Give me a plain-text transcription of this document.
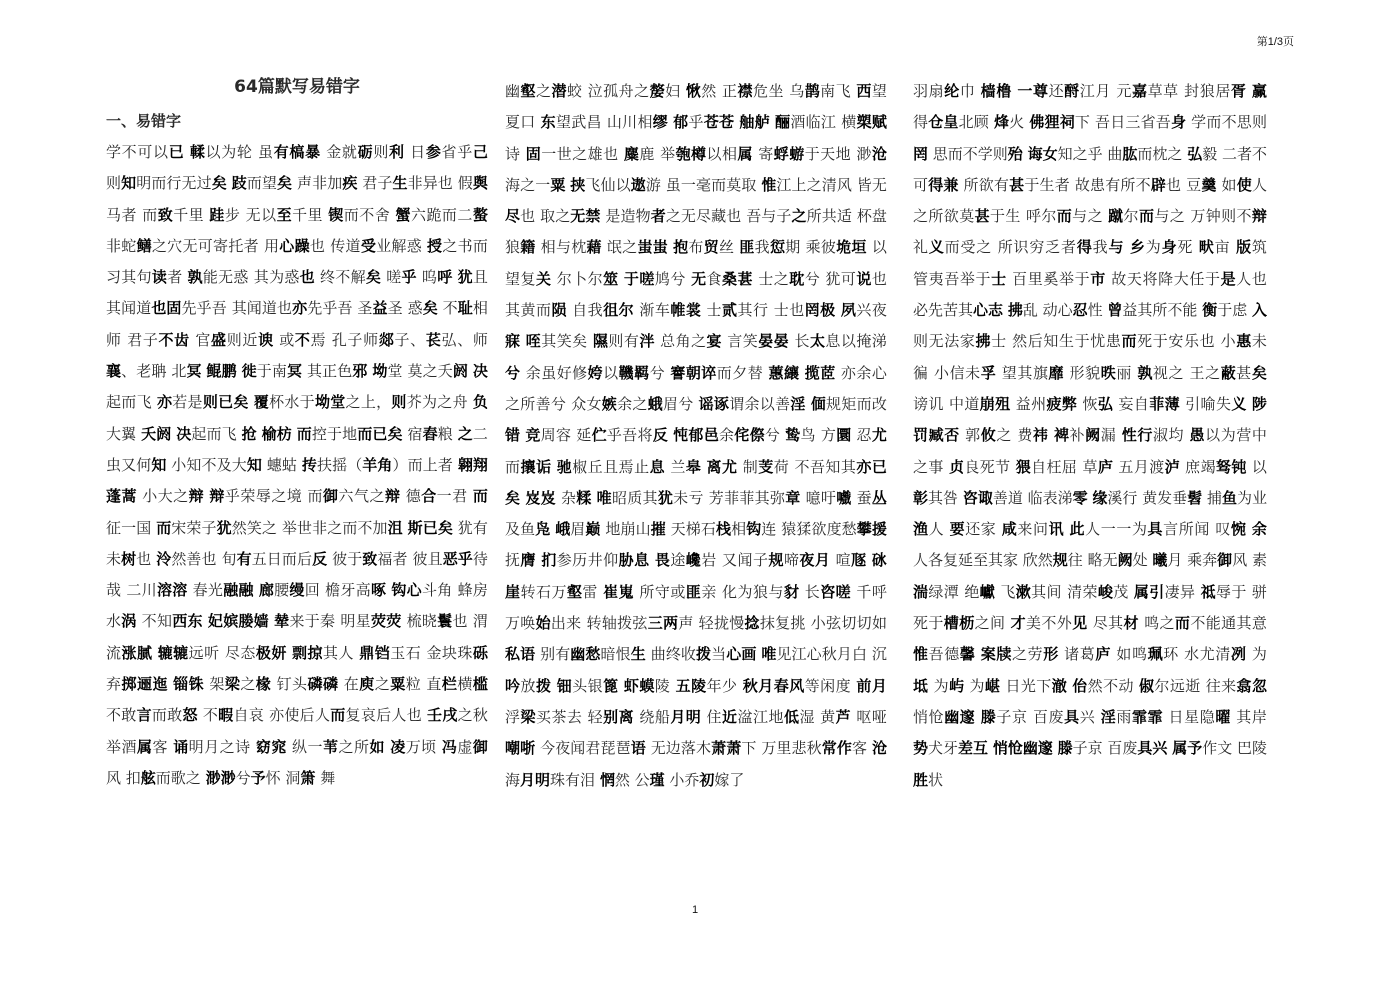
第1/3页
64篇默写易错字
一、易错字

学不可以已 輮以为轮 虽有槁暴 金就砺则利 日参省乎己 则知明而行无过矣 跂而望矣 声非加疾 君子生非异也 假舆马者 而致千里 跬步 无以至千里 锲而不舍 蟹六跪而二螯非蛇鳝之穴无可寄托者 用心躁也 传道受业解惑 授之书而习其句读者 孰能无惑 其为惑也 终不解矣 嗟乎 呜呼 犹且 其闻道也固先乎吾 其闻道也亦先乎吾 圣益圣 惑矣 不耻相师 君子不齿 官盛则近谀 或不焉 孔子师郯子、苌弘、师襄、老聃 北冥 鲲鹏 徙于南冥 其正色邪 坳堂 莫之夭阏 决起而飞 亦若是则已矣 覆杯水于坳堂之上，则芥为之舟 负大翼 夭阏 决起而飞 抢 榆枋 而控于地而已矣 宿舂粮 之二虫又何知 小知不及大知 蟪蛄 抟扶摇（羊角）而上者 翱翔蓬蒿 小大之辩 辩乎荣辱之境 而御六气之辩 德合一君 而征一国 而宋荣子犹然笑之 举世非之而不加沮 斯已矣 犹有未树也 泠然善也 旬有五日而后反 彼于致福者 彼且恶乎待哉 二川溶溶 春光融融 廊腰缦回 檐牙高啄 钩心斗角 蜂房水涡 不知西东 妃嫔媵嫱 辇来于秦 明星荧荧 梳晓鬟也 渭流涨腻 辘辘远听 尽态极妍 剽掠其人 鼎铛玉石 金块珠砾 弃掷逦迤 锱铢 架梁之椽 钉头磷磷 在庾之粟粒 直栏横槛 不敢言而敢怒 不暇自哀 亦使后人而复哀后人也 壬戌之秋 举酒属客 诵明月之诗 窈窕 纵一苇之所如 凌万顷 冯虚御风 扣舷而歌之 渺渺兮予怀 洞箫 舞

幽壑之潜蛟 泣孤舟之嫠妇 愀然 正襟危坐 乌鹊南飞 西望夏口 东望武昌 山川相缪 郁乎苍苍 舳舻 酾酒临江 横槊赋诗 固一世之雄也 麋鹿 举匏樽以相属 寄蜉蝣于天地 渺沧海之一粟 挟飞仙以遨游 虽一毫而莫取 惟江上之清风 皆无尽也 取之无禁 是造物者之无尽藏也 吾与子之所共适 杯盘狼籍 相与枕藉 氓之蚩蚩 抱布贸丝 匪我愆期 乘彼垝垣 以望复关 尔卜尔筮 于嗟鸠兮 无食桑葚 士之耽兮 犹可说也 其黄而陨 自我徂尔 渐车帷裳 士贰其行 士也罔极 夙兴夜寐 咥其笑矣 隰则有泮 总角之宴 言笑晏晏 长太息以掩涕兮 余虽好修姱以鞿羁兮 謇朝谇而夕替 蕙纕 揽茝 亦余心之所善兮 众女嫉余之蛾眉兮 谣诼谓余以善淫 偭规矩而改错 竞周容 延伫乎吾将反 忳郁邑余侘傺兮 鸷鸟 方圜 忍尤而攘诟 驰椒丘且焉止息 兰皋 离尤 制芰荷 不吾知其亦已矣 岌岌 杂糅 唯昭质其犹未亏 芳菲菲其弥章 噫吁嚱 蚕丛及鱼凫 峨眉巅 地崩山摧 天梯石栈相钩连 猿猱欲度愁攀援 抚膺 扪参历井仰胁息 畏途巉岩 又闻子规啼夜月 喧豗 砯崖转石万壑雷 崔嵬 所守或匪亲 化为狼与豺 长咨嗟 千呼万唤始出来 转轴拨弦三两声 轻拢慢捻抹复挑 小弦切切如私语 别有幽愁暗恨生 曲终收拨当心画 唯见江心秋月白 沉吟放拨 钿头银篦 虾蟆陵 五陵年少 秋月春风等闲度 前月浮梁买茶去 轻别离 绕船月明 住近湓江地低湿 黄芦 呕哑嘲哳 今夜闻君琵琶语 无边落木萧萧下 万里悲秋常作客 沧海月明珠有泪 惘然 公瑾 小乔初嫁了

羽扇纶巾 樯橹 一尊还酹江月 元嘉草草 封狼居胥 赢得仓皇北顾 烽火 佛狸祠下 吾日三省吾身 学而不思则罔 思而不学则殆 诲女知之乎 曲肱而枕之 弘毅 二者不可得兼 所欲有甚于生者 故患有所不辟也 豆羹 如使人之所欲莫甚于生 呼尔而与之 蹴尔而与之 万钟则不辩礼义而受之 所识穷乏者得我与 乡为身死 畎亩 版筑 管夷吾举于士 百里奚举于市 故天将降大任于是人也 必先苦其心志 拂乱 动心忍性 曾益其所不能 衡于虑 入则无法家拂士 然后知生于忧患而死于安乐也 小惠未徧 小信未孚 望其旗靡 形貌昳丽 孰视之 王之蔽甚矣 谤讥 中道崩殂 益州疲弊 恢弘 妄自菲薄 引喻失义 陟罚臧否 郭攸之 费祎 裨补阙漏 性行淑均 愚以为营中之事 贞良死节 猥自枉屈 草庐 五月渡泸 庶竭驽钝 以彰其咎 咨诹善道 临表涕零 缘溪行 黄发垂髫 捕鱼为业 渔人 要还家 咸来问讯 此人一一为具言所闻 叹惋 余人各复延至其家 欣然规往 略无阙处 曦月 乘奔御风 素湍绿潭 绝巘 飞漱其间 清荣峻茂 属引凄异 祗辱于 骈死于槽枥之间 才美不外见 尽其材 鸣之而不能通其意 惟吾德馨 案牍之劳形 诸葛庐 如鸣珮环 水尤清冽 为坻 为屿 为嵁 日光下澈 佁然不动 俶尔远逝 往来翕忽 悄怆幽邃 滕子京 百废具兴 淫雨霏霏 日星隐曜 其岸势犬牙差互 悄怆幽邃 滕子京 百废具兴 属予作文 巴陵胜状

1
